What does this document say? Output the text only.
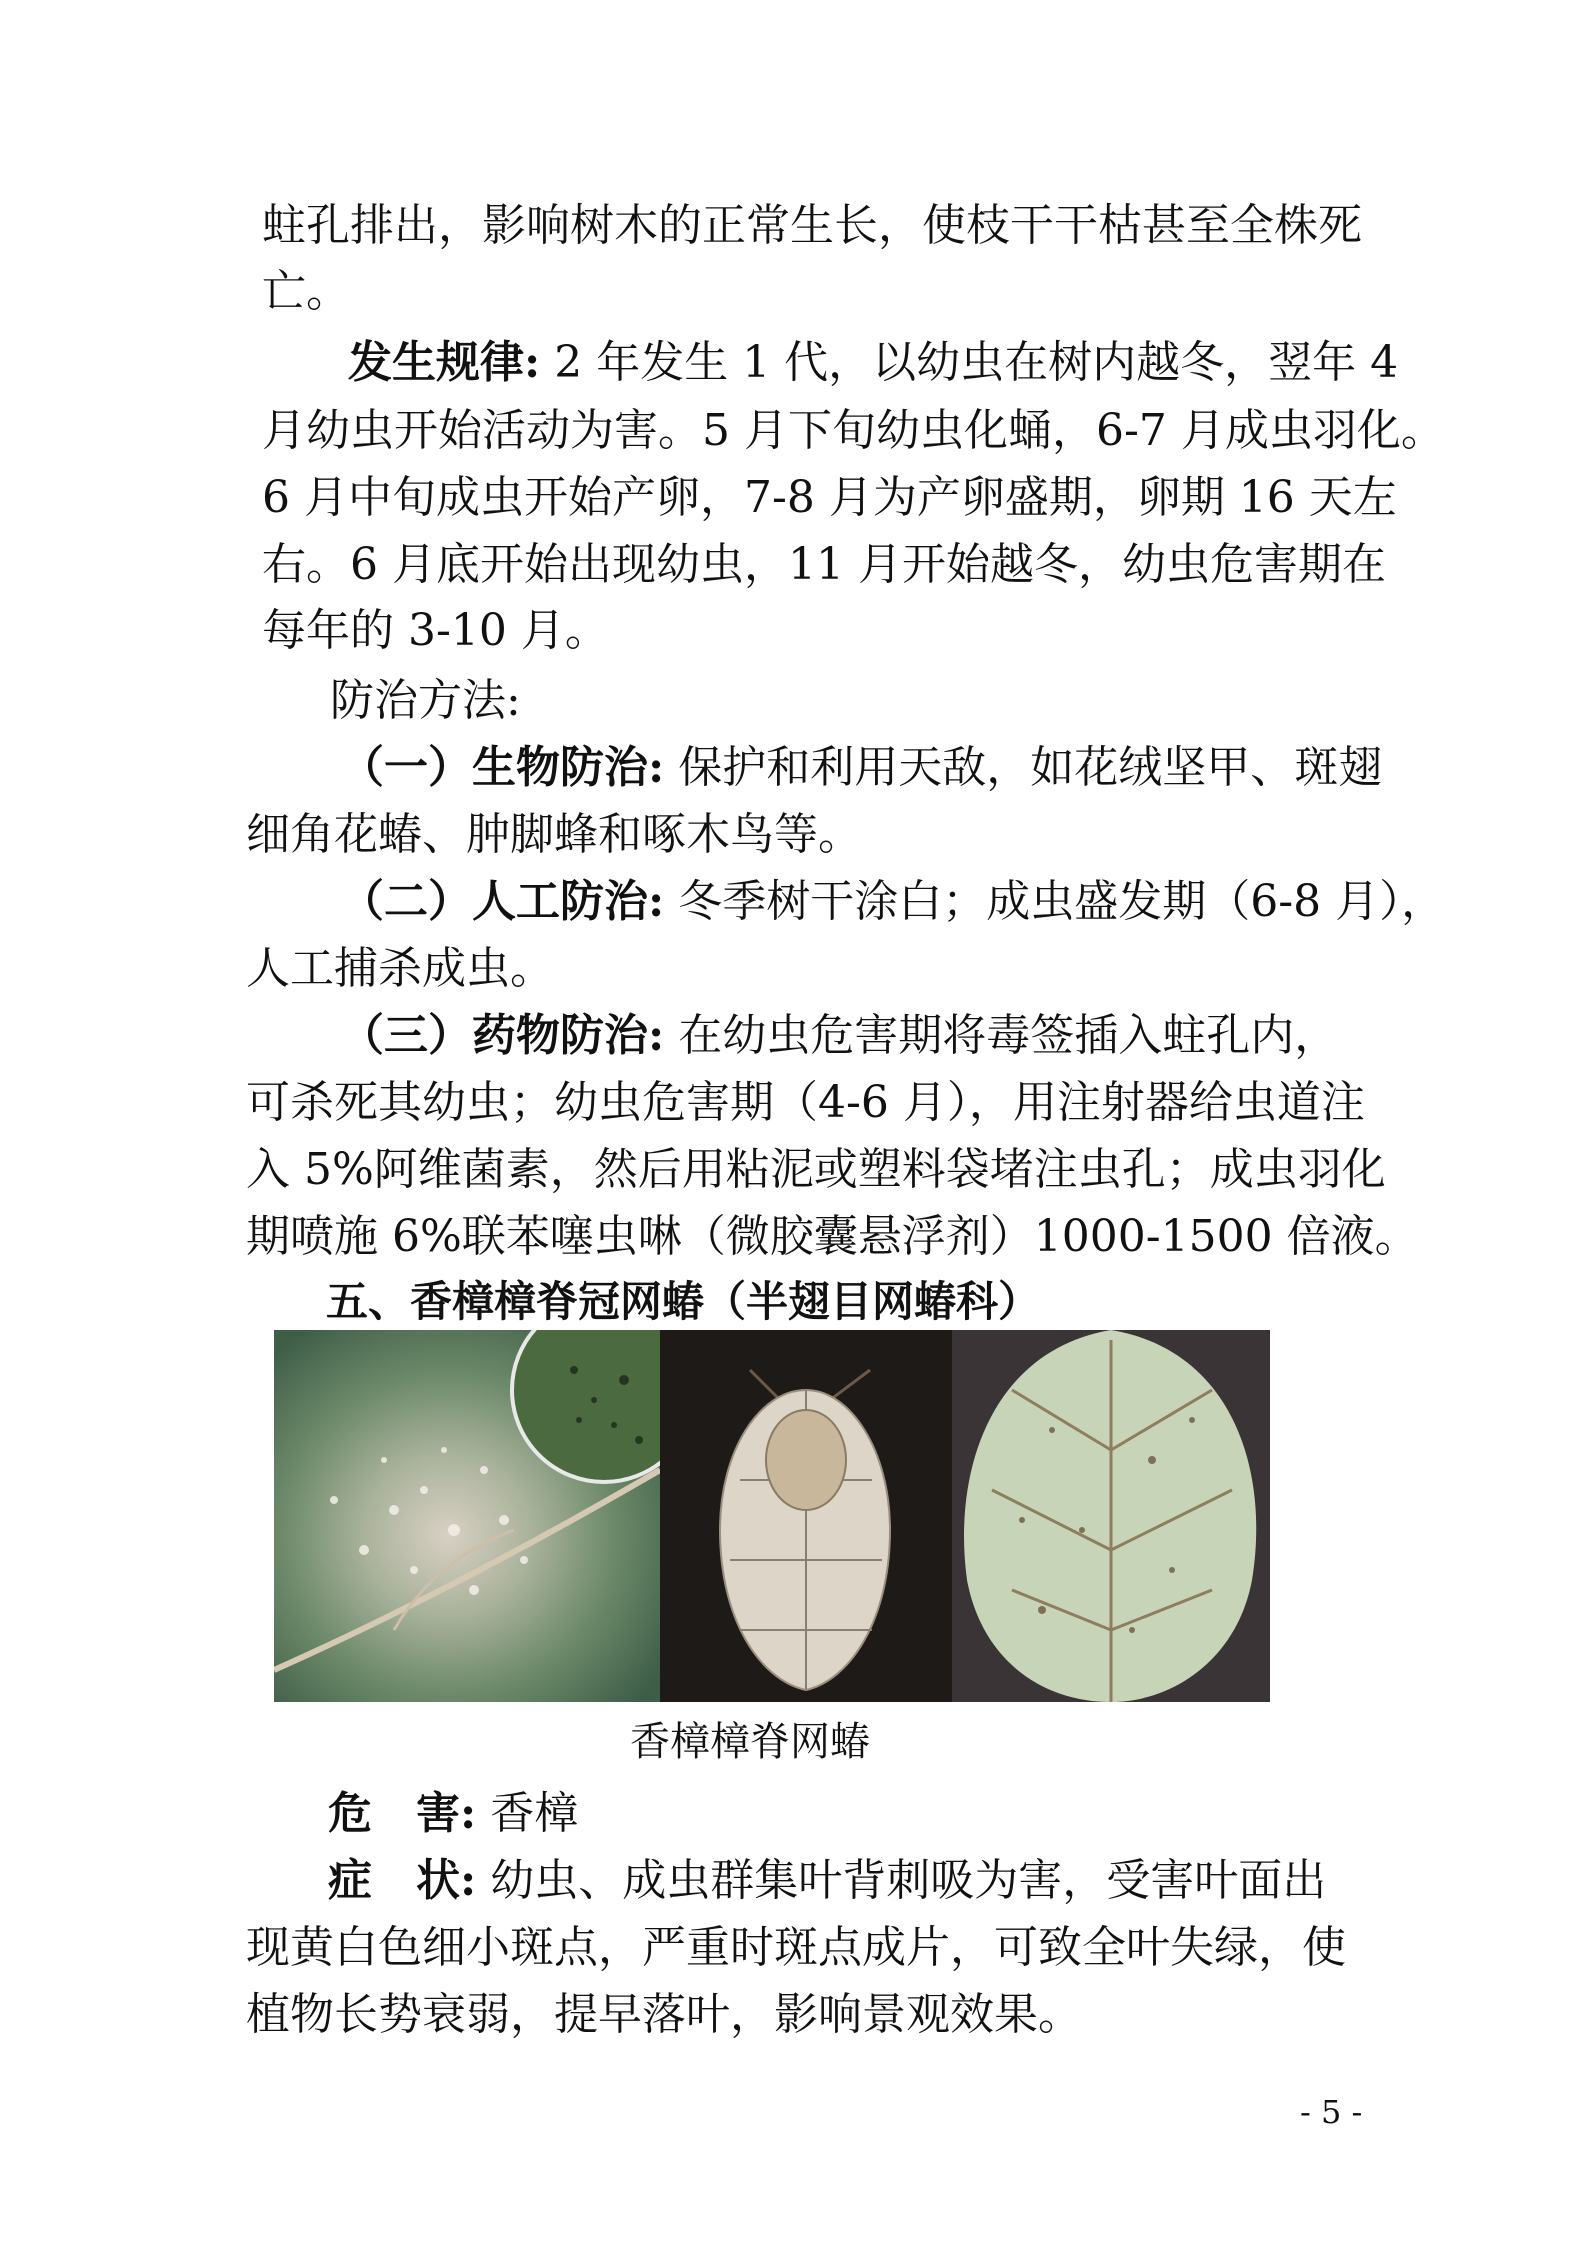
蛀孔排出，影响树木的正常生长，使枝干干枯甚至全株死
亡。
发生规律: 2 年发生 1 代，以幼虫在树内越冬，翌年 4
月幼虫开始活动为害。5 月下旬幼虫化蛹，6-7 月成虫羽化。
6 月中旬成虫开始产卵，7-8 月为产卵盛期，卵期 16 天左
右。6 月底开始出现幼虫，11 月开始越冬，幼虫危害期在
每年的 3-10 月。
防治方法:
（一）生物防治: 保护和利用天敌，如花绒坚甲、斑翅
细角花蝽、肿脚蜂和啄木鸟等。
（二）人工防治: 冬季树干涂白；成虫盛发期（6-8 月），
人工捕杀成虫。
（三）药物防治: 在幼虫危害期将毒签插入蛀孔内，
可杀死其幼虫；幼虫危害期（4-6 月），用注射器给虫道注
入 5%阿维菌素，然后用粘泥或塑料袋堵注虫孔；成虫羽化
期喷施 6%联苯噻虫啉（微胶囊悬浮剂）1000-1500 倍液。
五、香樟樟脊冠网蝽（半翅目网蝽科）
香樟樟脊网蝽
危　害: 香樟
症　状: 幼虫、成虫群集叶背刺吸为害，受害叶面出
现黄白色细小斑点，严重时斑点成片，可致全叶失绿，使
植物长势衰弱，提早落叶，影响景观效果。
- 5 -
